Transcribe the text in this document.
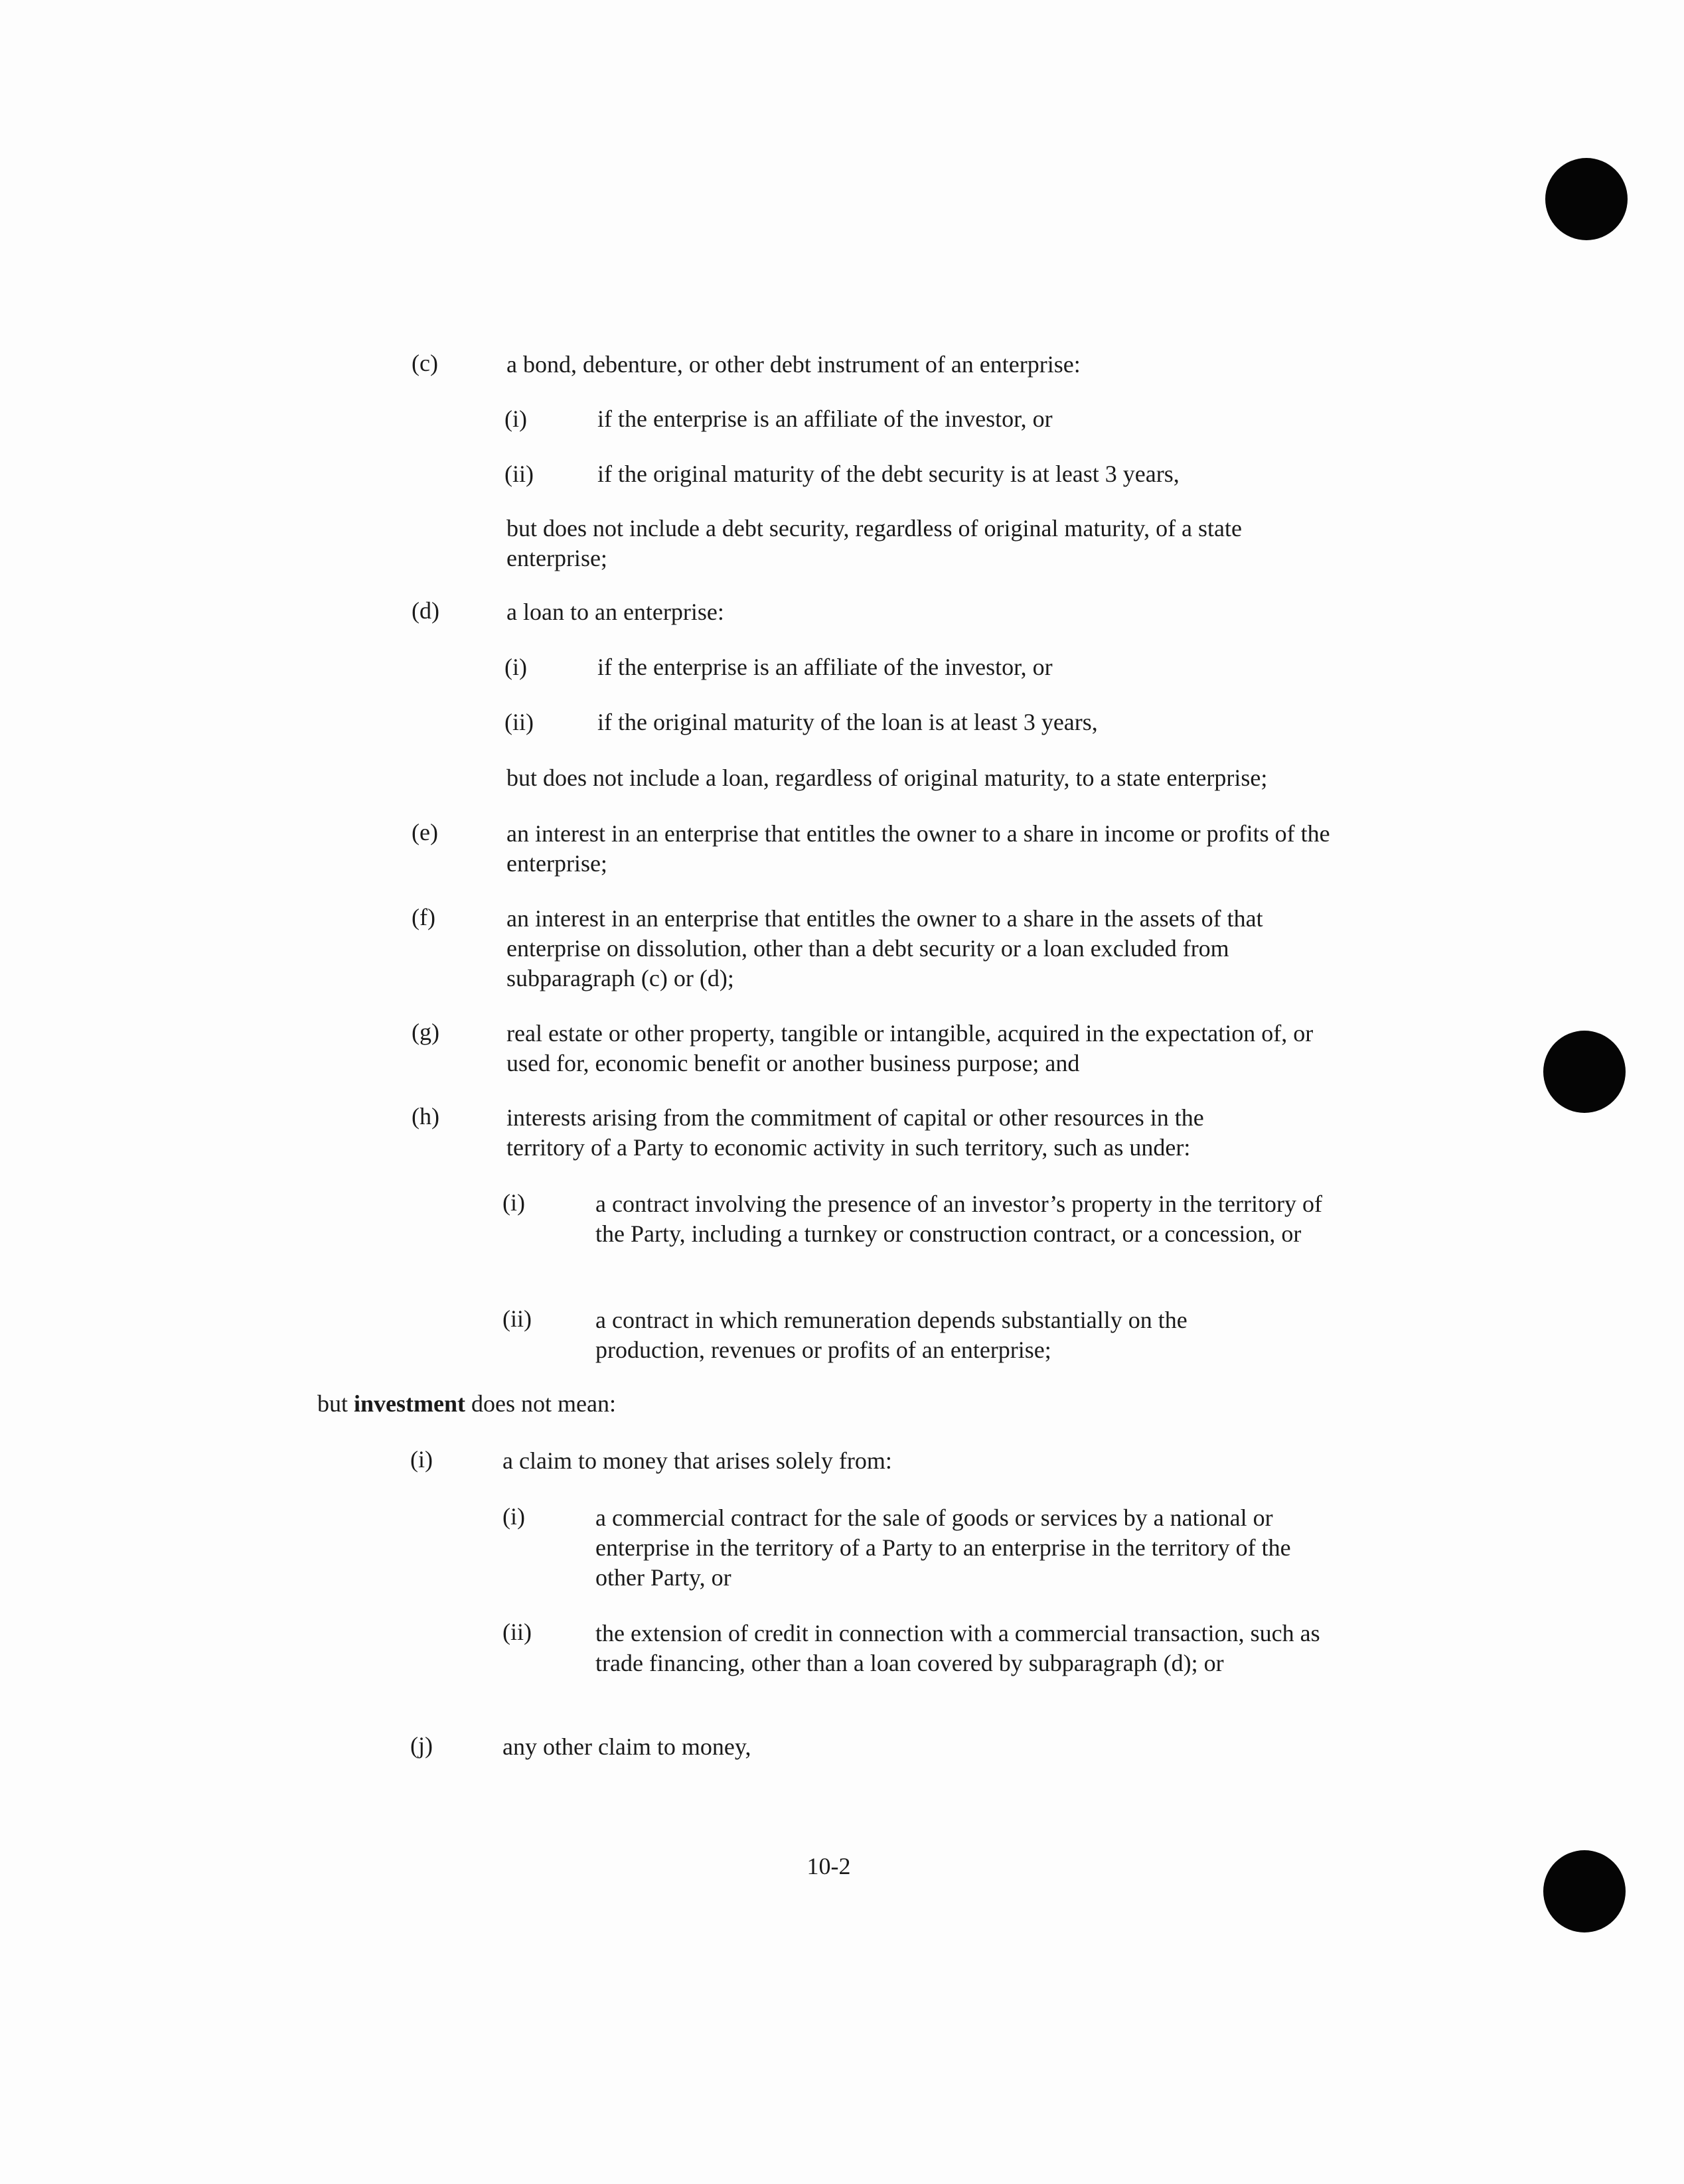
(c)	a bond, debenture, or other debt instrument of an enterprise:
(i)	if the enterprise is an affiliate of the investor, or
(ii)	if the original maturity of the debt security is at least 3 years,
but does not include a debt security, regardless of original maturity, of a state enterprise;
(d)	a loan to an enterprise:
(i)	if the enterprise is an affiliate of the investor, or
(ii)	if the original maturity of the loan is at least 3 years,
but does not include a loan, regardless of original maturity, to a state enterprise;
(e)	an interest in an enterprise that entitles the owner to a share in income or profits of the enterprise;
(f)	an interest in an enterprise that entitles the owner to a share in the assets of that enterprise on dissolution, other than a debt security or a loan excluded from subparagraph (c) or (d);
(g)	real estate or other property, tangible or intangible, acquired in the expectation of, or used for, economic benefit or another business purpose; and
(h)	interests arising from the commitment of capital or other resources in the territory of a Party to economic activity in such territory, such as under:
(i)	a contract involving the presence of an investor’s property in the territory of the Party, including a turnkey or construction contract, or a concession, or
(ii)	a contract in which remuneration depends substantially on the production, revenues or profits of an enterprise;
but investment does not mean:
(i)	a claim to money that arises solely from:
(i)	a commercial contract for the sale of goods or services by a national or enterprise in the territory of a Party to an enterprise in the territory of the other Party, or
(ii)	the extension of credit in connection with a commercial transaction, such as trade financing, other than a loan covered by subparagraph (d); or
(j)	any other claim to money,
10-2
